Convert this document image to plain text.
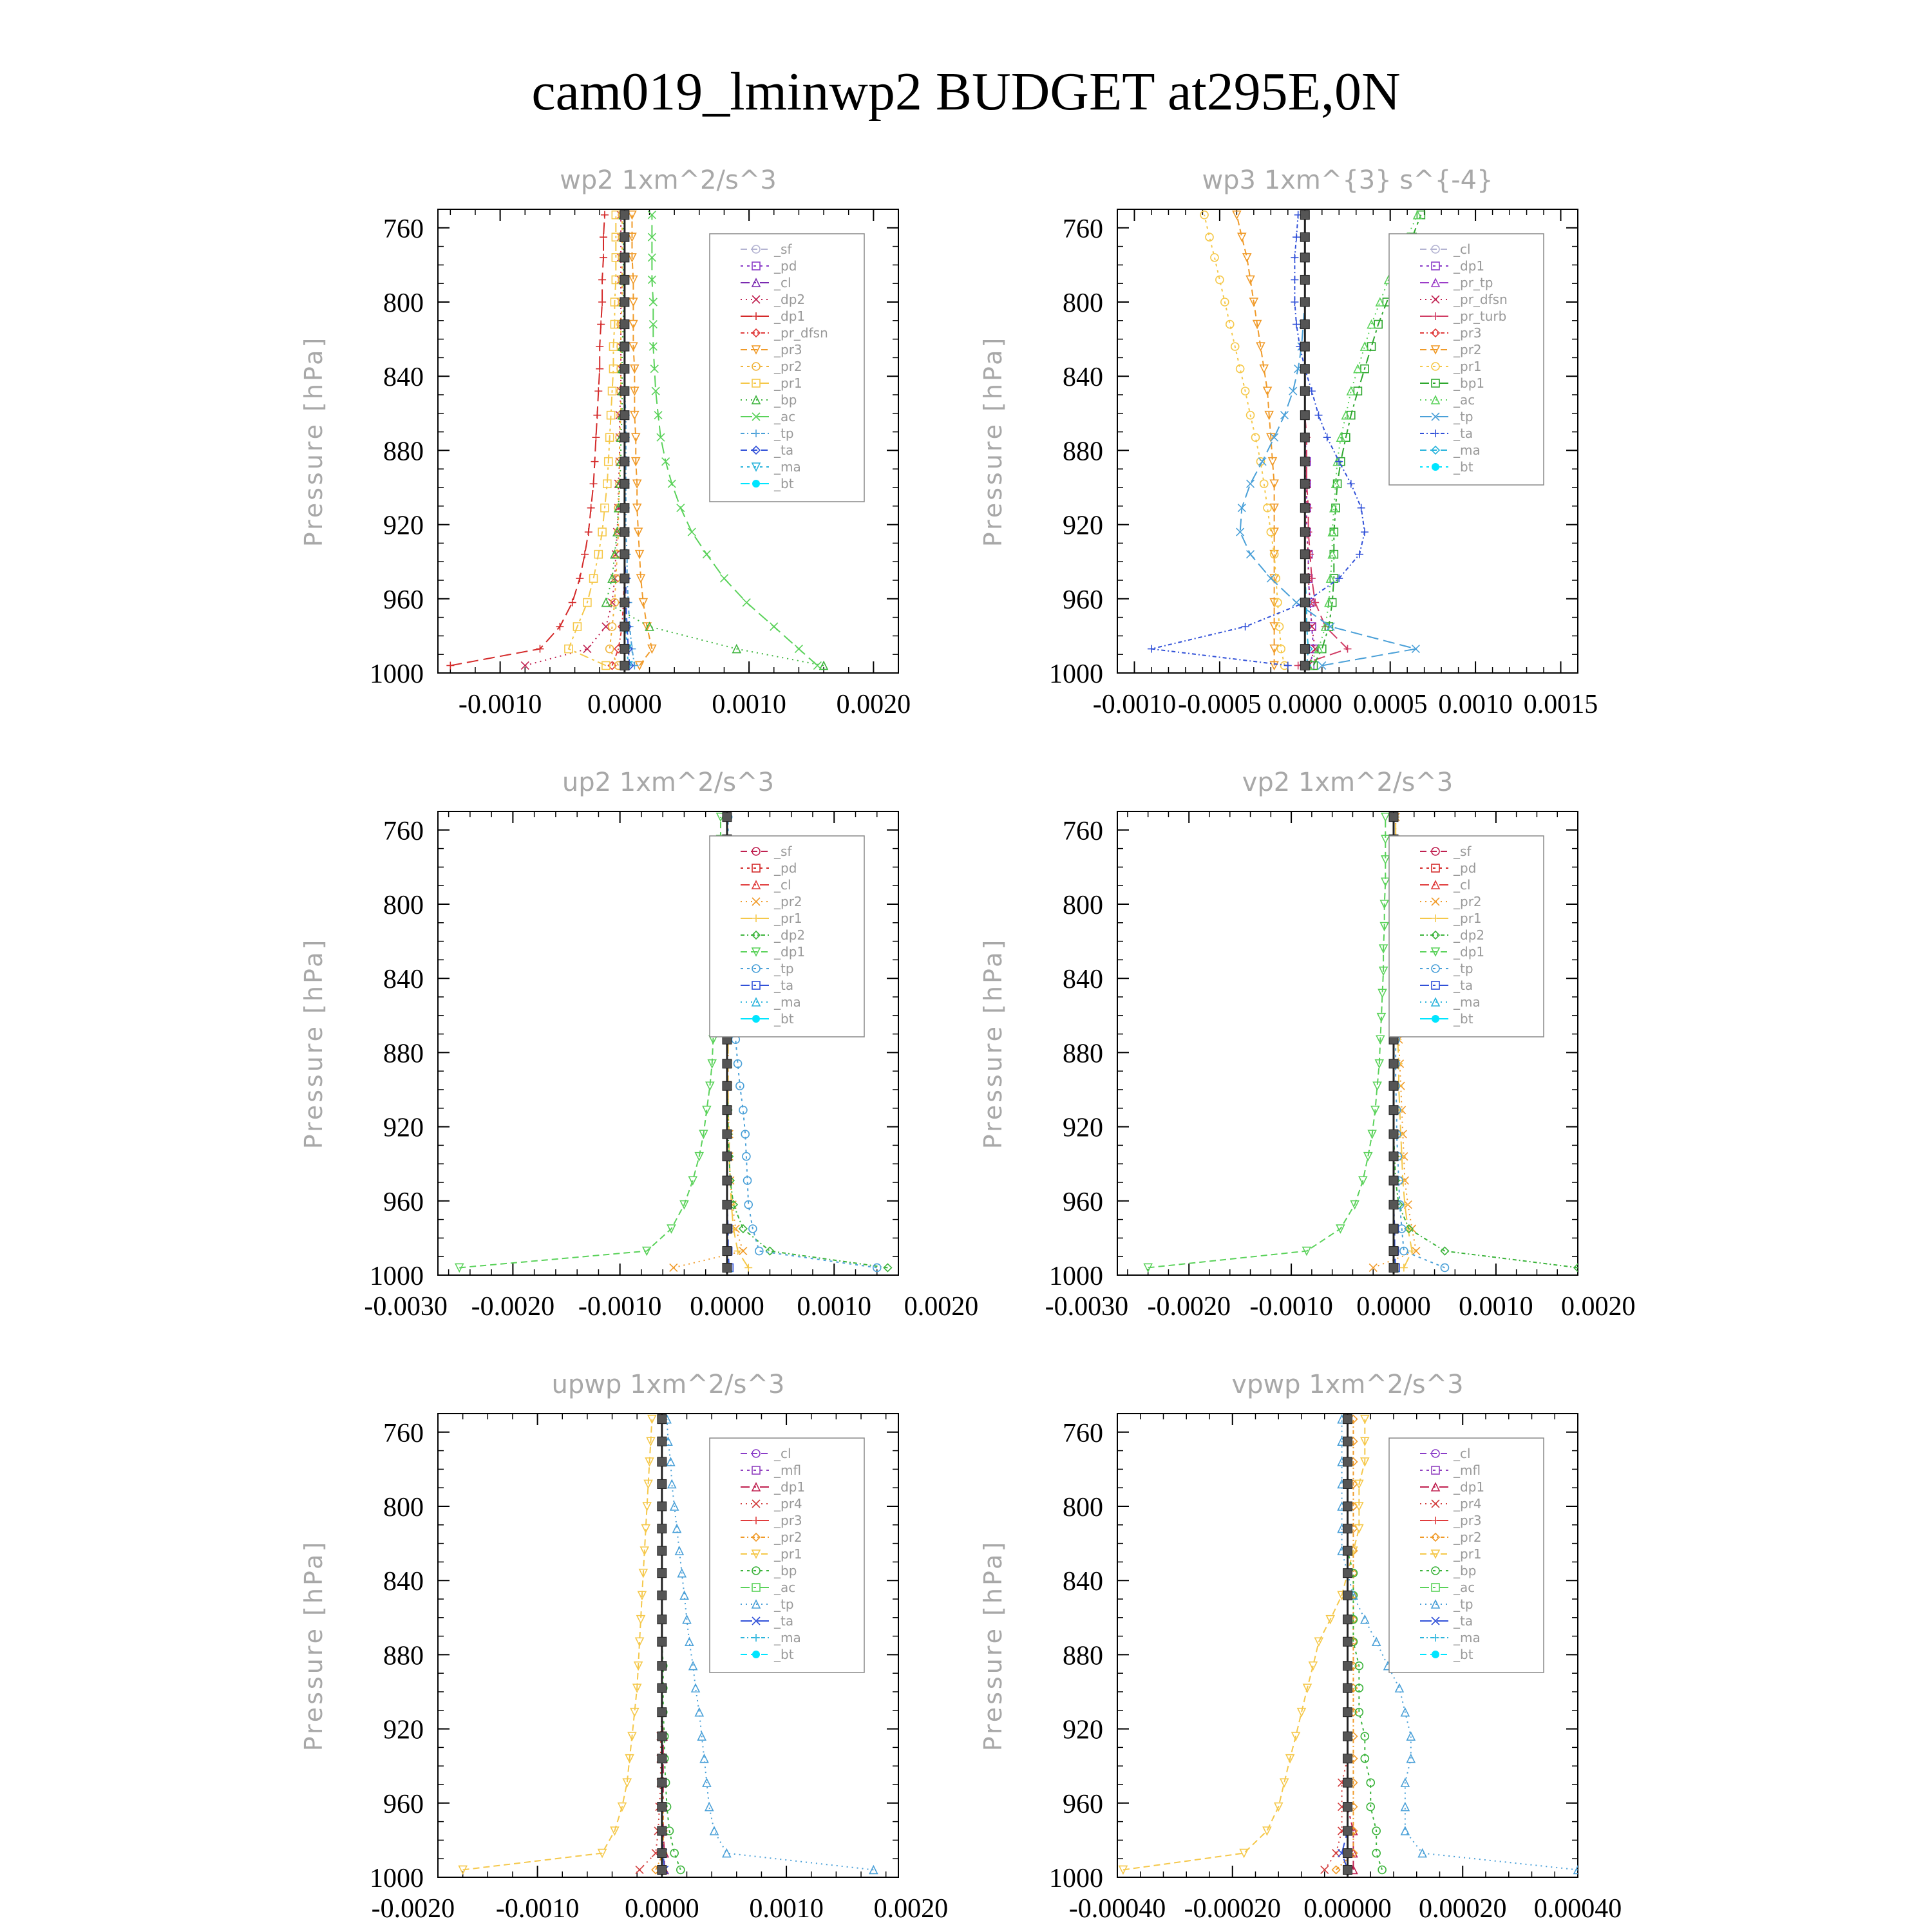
cam019_lminwp2 BUDGET at295E,0N
wp2 1xm^2/s^3
Pressure [hPa]
760
800
840
880
920
960
1000
-0.0010 0.0000 0.0010 0.0020
_sf
_pd
_cl
_dp2
_dp1
_pr_dfsn
_pr3
_pr2
_pr1
_bp
_ac
_tp
_ta
_ma
_bt
wp3 1xm^{3} s^{-4}
Pressure [hPa]
760
800
840
880
920
960
1000
-0.0010 -0.0005 0.0000 0.0005 0.0010 0.0015
_cl
_dp1
_pr_tp
_pr_dfsn
_pr_turb
_pr3
_pr2
_pr1
_bp1
_ac
_tp
_ta
_ma
_bt
up2 1xm^2/s^3
Pressure [hPa]
760
800
840
880
920
960
1000
-0.0030 -0.0020 -0.0010 0.0000 0.0010 0.0020
_sf
_pd
_cl
_pr2
_pr1
_dp2
_dp1
_tp
_ta
_ma
_bt
vp2 1xm^2/s^3
Pressure [hPa]
760
800
840
880
920
960
1000
-0.0030 -0.0020 -0.0010 0.0000 0.0010 0.0020
_sf
_pd
_cl
_pr2
_pr1
_dp2
_dp1
_tp
_ta
_ma
_bt
upwp 1xm^2/s^3
Pressure [hPa]
760
800
840
880
920
960
1000
-0.0020 -0.0010 0.0000 0.0010 0.0020
_cl
_mfl
_dp1
_pr4
_pr3
_pr2
_pr1
_bp
_ac
_tp
_ta
_ma
_bt
vpwp 1xm^2/s^3
Pressure [hPa]
760
800
840
880
920
960
1000
-0.00040 -0.00020 0.00000 0.00020 0.00040
_cl
_mfl
_dp1
_pr4
_pr3
_pr2
_pr1
_bp
_ac
_tp
_ta
_ma
_bt
